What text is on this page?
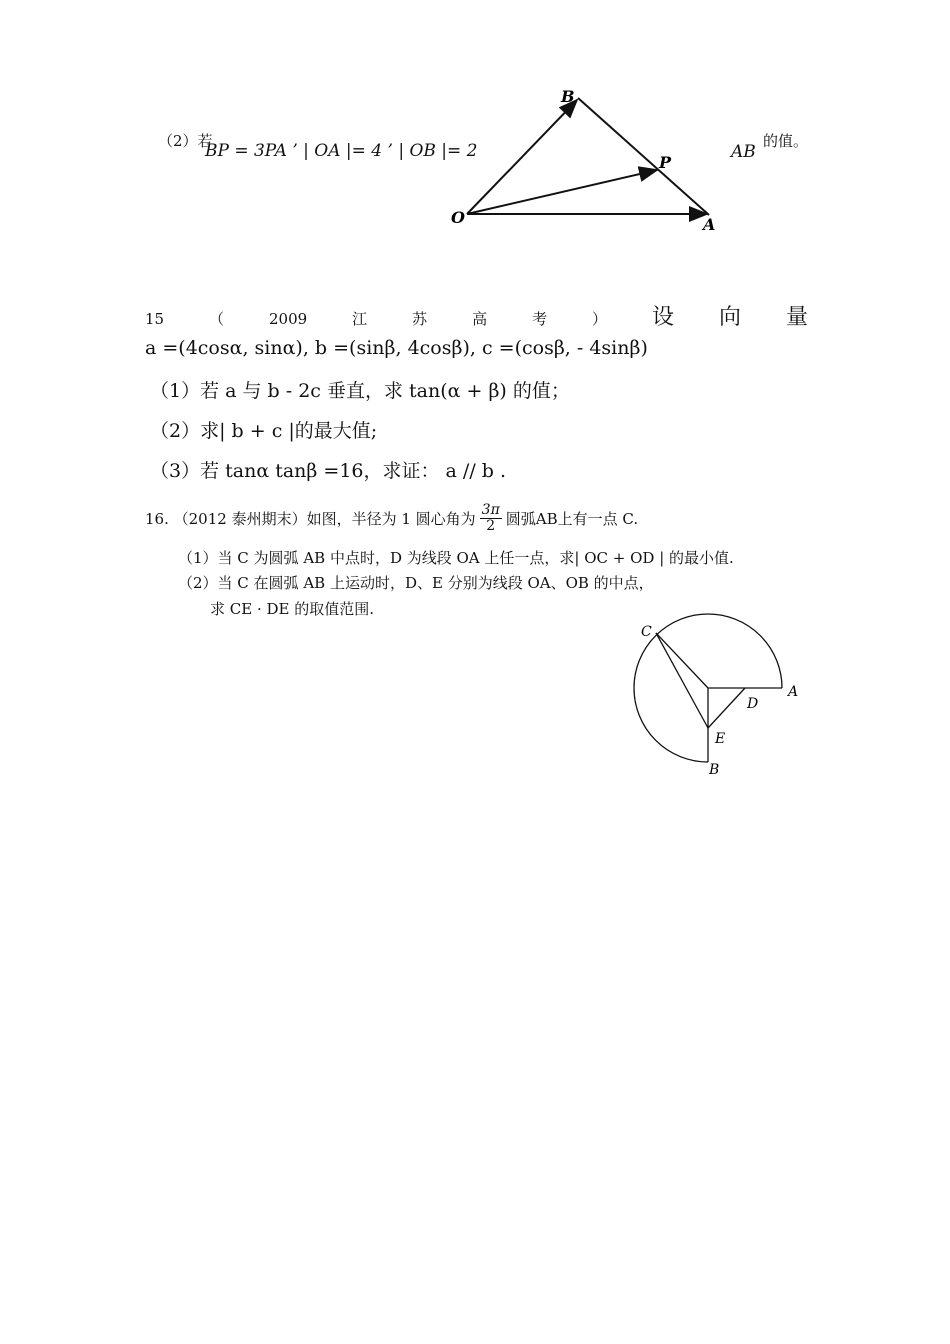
（2）若
BP = 3PA ’ | OA |= 4 ’ | OB |= 2	AB
的值。
B
P
O	A
15	（	2009	江	苏	高	考	） 设 向 量
a =(4cosα, sinα), b =(sinβ, 4cosβ), c =(cosβ, - 4sinβ)
（1）若 a 与 b - 2c 垂直，求 tan(α + β) 的值；
（2）求| b + c |的最大值;
（3）若 tanα tanβ =16，求证： a // b .
16. （2012 泰州期末）如图，半径为 1 圆心角为 $\frac{3\pi}{2}$ 圆弧AB上有一点 C.
（1）当 C 为圆弧 AB 中点时，D 为线段 OA 上任一点，求| OC + OD | 的最小值.
（2）当 C 在圆弧 AB 上运动时，D、E 分别为线段 OA、OB 的中点，
求 CE · DE 的取值范围.
C
A
D
E
B
